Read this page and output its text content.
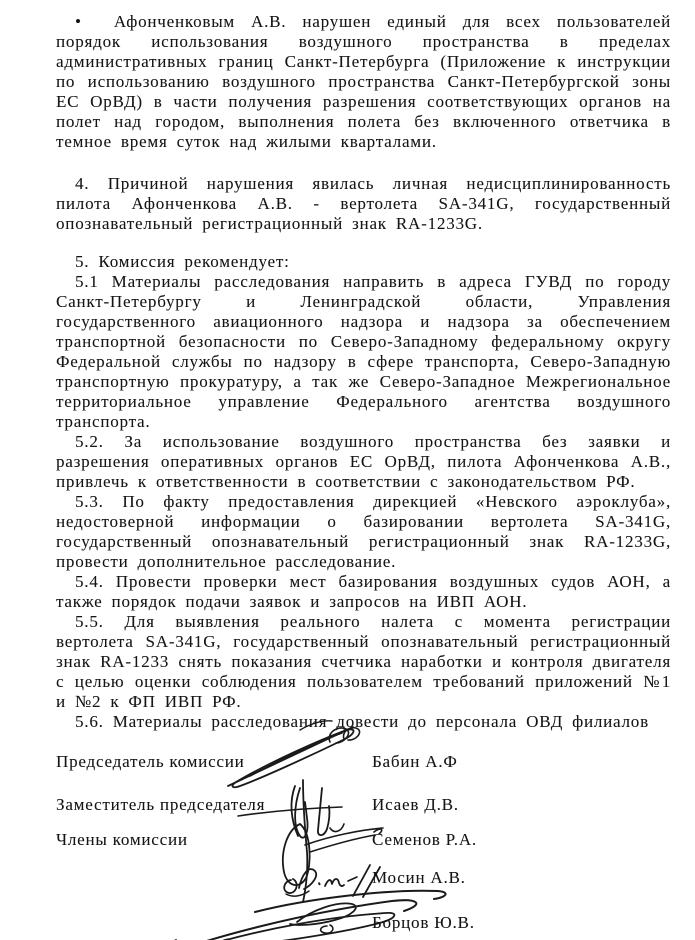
•  Афонченковым А.В. нарушен единый для всех пользователей порядок использования воздушного пространства в пределах административных границ Санкт-Петербурга (Приложение к инструкции по использованию воздушного пространства Санкт-Петербургской зоны ЕС ОрВД) в части получения разрешения соответствующих органов на полет над городом, выполнения полета без включенного ответчика в темное время суток над жилыми кварталами.

4. Причиной нарушения явилась личная недисциплинированность пилота Афонченкова А.В. - вертолета SA-341G, государственный опознавательный регистрационный знак RA-1233G.

5. Комиссия рекомендует:

5.1 Материалы расследования направить в адреса ГУВД по городу Санкт-Петербургу и Ленинградской области, Управления государственного авиационного надзора и надзора за обеспечением транспортной безопасности по Северо-Западному федеральному округу Федеральной службы по надзору в сфере транспорта, Северо-Западную транспортную прокуратуру, а так же Северо-Западное Межрегиональное территориальное управление Федерального агентства воздушного транспорта.

5.2. За использование воздушного пространства без заявки и разрешения оперативных органов ЕС ОрВД, пилота Афонченкова А.В., привлечь к ответственности в соответствии с законодательством РФ.

5.3. По факту предоставления дирекцией «Невского аэроклуба», недостоверной информации о базировании вертолета SA-341G, государственный опознавательный регистрационный знак RA-1233G, провести дополнительное расследование.

5.4. Провести проверки мест базирования воздушных судов АОН, а также порядок подачи заявок и запросов на ИВП АОН.

5.5. Для выявления реального налета с момента регистрации вертолета SA-341G, государственный опознавательный регистрационный знак RA-1233 снять показания счетчика наработки и контроля двигателя с целью оценки соблюдения пользователем требований приложений №1 и №2 к ФП ИВП РФ.

5.6. Материалы расследования довести до персонала ОВД филиалов

Председатель комиссии	Бабин А.Ф
Заместитель председателя	Исаев Д.В.
Члены комиссии	Семенов Р.А.
Мосин А.В.
Борцов Ю.В.
